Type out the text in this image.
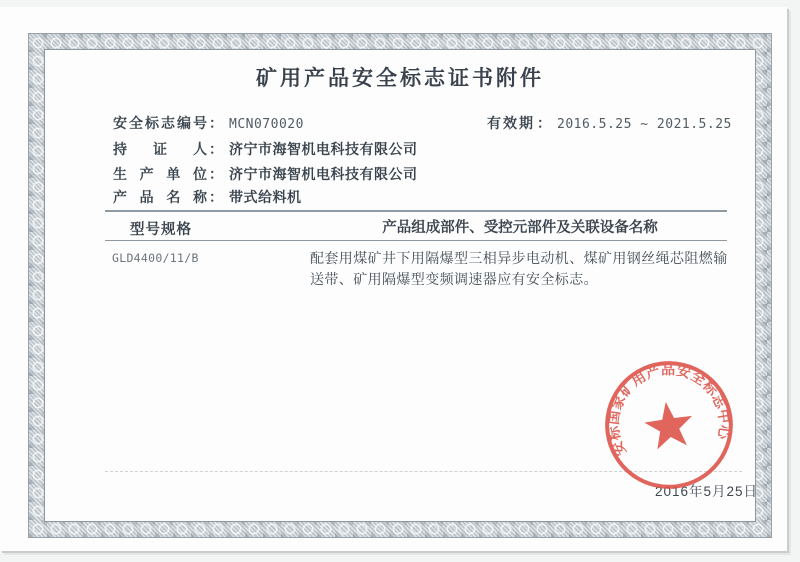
矿用产品安全标志证书附件
安全标志编号 ： MCN070020	有效期 ： 2016.5.25 ~ 2021.5.25
持证人 ： 济宁市海智机电科技有限公司
生产单位 ： 济宁市海智机电科技有限公司
产品名称 ： 带式给料机
型号规格	产品组成部件、受控元部件及关联设备名称
GLD4400/11/B	配套用煤矿井下用隔爆型三相异步电动机、煤矿用钢丝绳芯阻燃输送带、矿用隔爆型变频调速器应有安全标志。
2016年5月25日
安标国家矿用产品安全标志中心
